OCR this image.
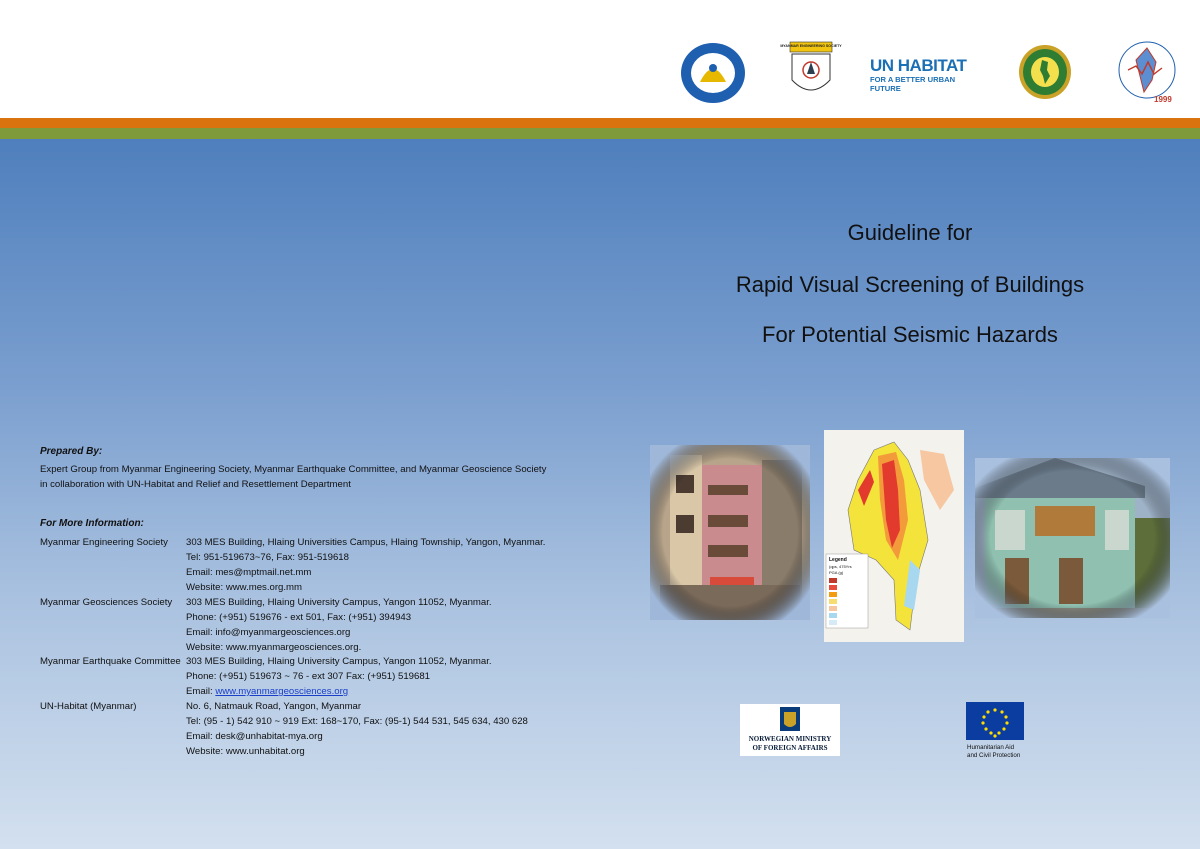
MYANMAR ENGINEERING SOCIETY
UN HABITAT
FOR A BETTER URBAN FUTURE
1999
Guideline for
Rapid Visual Screening of Buildings
For Potential Seismic Hazards
Legend
(qps, 475Yrs
PGA (g)
Prepared By:
Expert Group from Myanmar Engineering Society, Myanmar Earthquake Committee, and Myanmar Geoscience Society
in collaboration with UN-Habitat and Relief and Resettlement Department
For More Information:
Myanmar Engineering Society 303 MES Building, Hlaing Universities Campus, Hlaing Township, Yangon, Myanmar.
Tel: 951-519673~76, Fax: 951-519618
Email: mes@mptmail.net.mm
Website: www.mes.org.mm
Myanmar Geosciences Society 303 MES Building, Hlaing University Campus, Yangon 11052, Myanmar.
Phone: (+951) 519676 - ext 501, Fax: (+951) 394943
Email: info@myanmargeosciences.org
Website: www.myanmargeosciences.org.
Myanmar Earthquake Committee 303 MES Building, Hlaing University Campus, Yangon 11052, Myanmar.
Phone: (+951) 519673 ~ 76 - ext 307 Fax: (+951) 519681
Email: www.myanmargeosciences.org
UN-Habitat (Myanmar)	No. 6, Natmauk Road, Yangon, Myanmar
Tel: (95 - 1) 542 910 ~ 919 Ext: 168~170, Fax: (95-1) 544 531, 545 634, 430 628
Email: desk@unhabitat-mya.org
Website: www.unhabitat.org
NORWEGIAN MINISTRY
OF FOREIGN AFFAIRS	Humanitarian Aid
and Civil Protection
